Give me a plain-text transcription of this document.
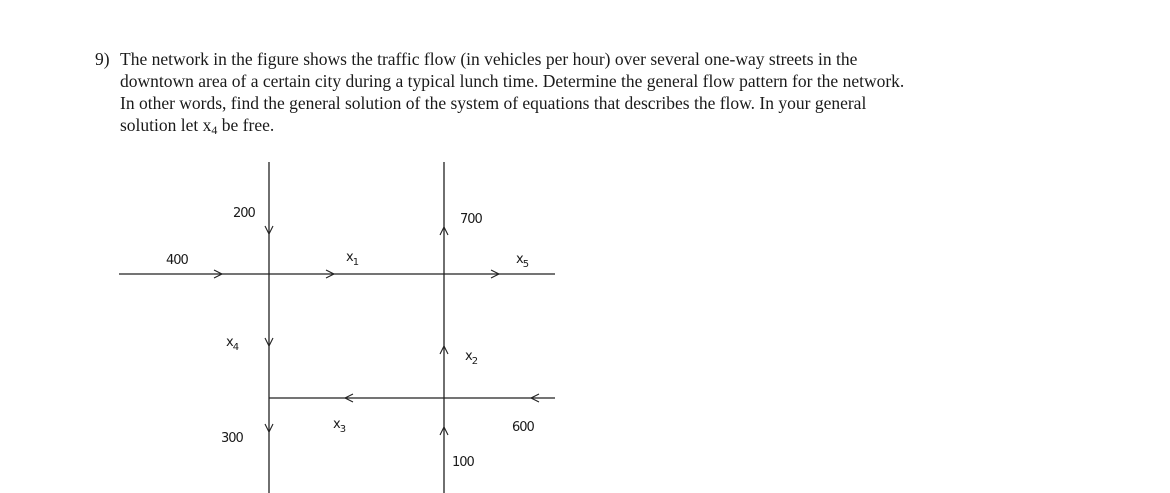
9) The network in the figure shows the traffic flow (in vehicles per hour) over several one-way streets in the
downtown area of a certain city during a typical lunch time. Determine the general flow pattern for the network.
In other words, find the general solution of the system of equations that describes the flow. In your general
solution let $x_4$ be free.
200
400
700
$x_1$	$x_5$
$x_4$
$x_2$
$x_3$
300
600
100
